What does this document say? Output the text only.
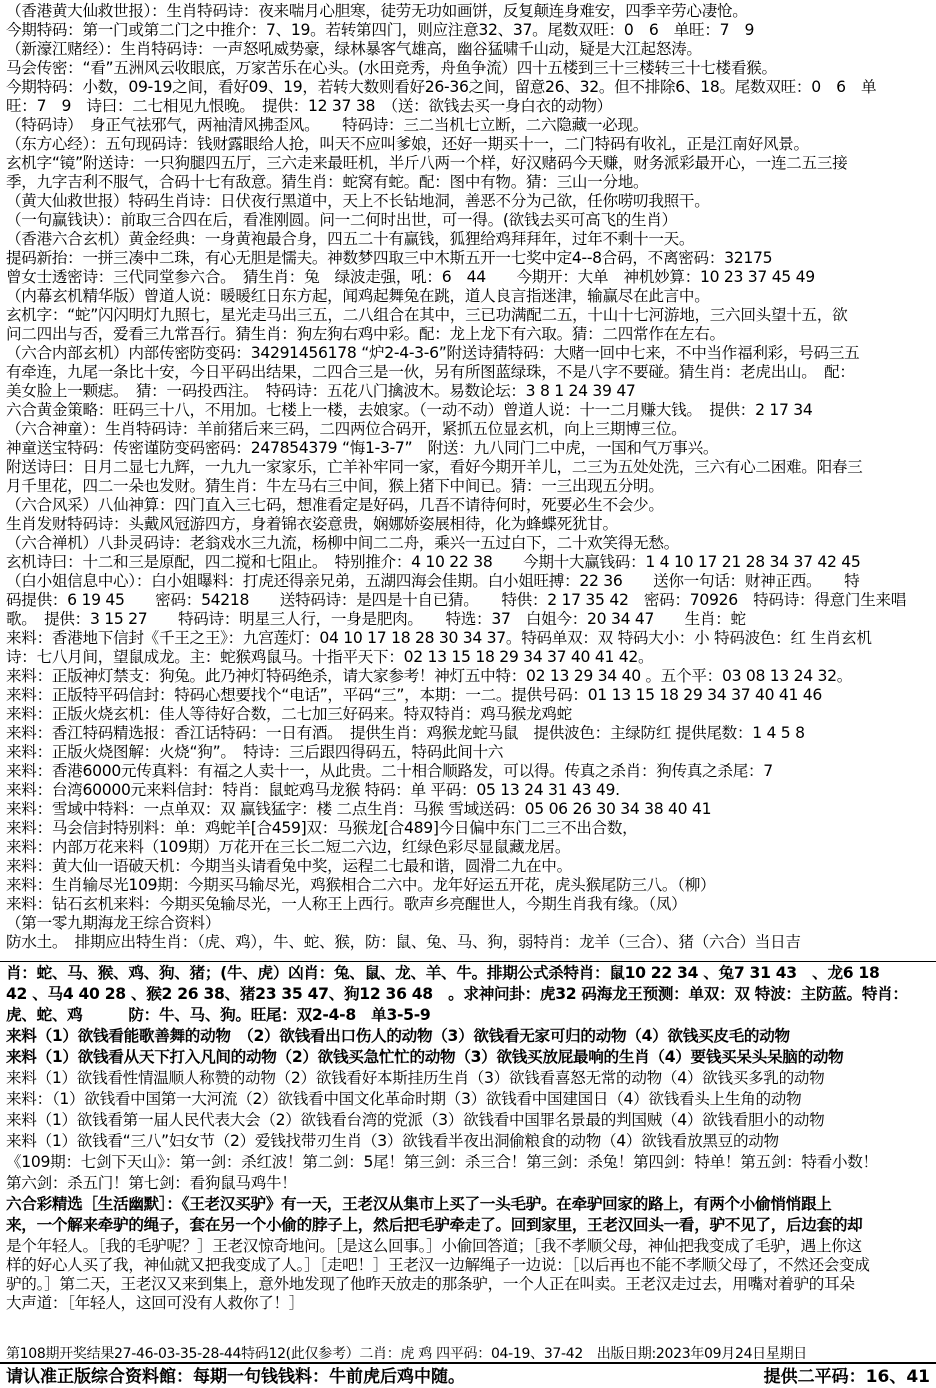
（香港黄大仙救世报）：生肖特码诗：夜来喘月心胆寒，徒劳无功如画饼，反复颠连身难安，四季辛劳心凄怆。
今期特码：第一门或第二门之中推介：7、19。若转第四门，则应注意32、37。尾数双旺：0　6　单旺：7　9
（新濠江赌经）：生肖特码诗：一声怒吼威势豪，绿林暴客气雄高，幽谷猛啸千山动，疑是大江起怒涛。
马会传密：“看”五洲风云收眼底，万家苦乐在心头。(水田竞秀，舟鱼争流）四十五楼到三十三楼转三十七楼看猴。
今期特码：小数，09-19之间，看好09、19，若转大数则看好26-36之间，留意26、32。但不排除6、18。尾数双旺：0　6　单
旺：7　9　诗曰：二七相见九恨晚。　提供：12 37 38　（送：欲钱去买一身白衣的动物）
（特码诗）　身正气祛邪气，两袖清风拂歪风。　　特码诗：三二当机七立断，二六隐藏一必现。
（东方心经）：五句现码诗：钱财露眼给人抢，叫天不应叫爹娘，还好一期买十一，二门特码有收礼，正是江南好风景。
玄机字“镜”附送诗：一只狗腿四五厅，三六走来最旺机，半斤八两一个样，好汉赌码今天赚，财务派彩最开心，一连二五三接
季，九字吉利不服气，合码十七有敌意。猜生肖：蛇窝有蛇。配：图中有物。猜：三山一分地。
（黄大仙救世报）特码生肖诗：日伏夜行黑道中，天上不长钻地洞，善恶不分为己欲，任你唠叨我照干。
（一句赢钱诀）：前取三合四在后，看准刚圆。问一二何时出世，可一得。(欲钱去买可高飞的生肖）
（香港六合玄机）黄金经典：一身黄袍最合身，四五二十有赢钱，狐狸给鸡拜拜年，过年不剩十一天。
提码新抬：一拼三凑中二珠，有心无胆是懦夫。神数梦四取三中木斯五开一七奖中定4--8合码，不离密码：32175
曾女士透密诗：三代同堂参六合。　猜生肖：兔　绿波走强，吼：6　44　　今期开：大单　神机妙算：10 23 37 45 49
（内幕玄机精华版）曾道人说：暖暖红日东方起，闻鸡起舞兔在跳，道人良言指迷津，输赢尽在此言中。
玄机字：“蛇”闪闪明灯九照七，星光走马出三五，二八组合在其中，三已功满配二五，十山十七河游地，三六回头望十五，欲
问二四出与否，爱看三九常吾行。猜生肖：狗左狗右鸡中彩。配：龙上龙下有六取。猜：二四常作在左右。
（六合内部玄机）内部传密防变码：34291456178 “炉2-4-3-6”附送诗猜特码：大赌一回中七来，不中当作福利彩，号码三五
有牵连，九尾一条比十安，今日平码出结果，二四合三是一伙，另有所图蓝绿珠，不是八字不要碰。猜生肖：老虎出山。　配：
美女脸上一颗痣。　猜：一码投西注。　特码诗：五花八门擒波木。易数论坛：3 8 1 24 39 47
六合黄金策略：旺码三十八，不用加。七楼上一楼，去娘家。（一动不动）曾道人说：十一二月赚大钱。　提供：2 17 34
（六合神童）：生肖特码诗：羊前猪后来三码，二四两位合码开，紧抓五位显玄机，向上三期博三位。
神童送宝特码：传密谨防变码密码：247854379 “悔1-3-7”　附送：九八同门二中虎，一国和气万事兴。
附送诗曰：日月二显七九辉，一九九一家家乐，亡羊补牢同一家，看好今期开羊儿，二三为五处处洗，三六有心二困难。阳春三
月千里花，四二一朵也发财。猜生肖：牛左马右三中间，猴上猪下中间已。猜：一三出现五分明。
（六合风采）八仙神算：四门直入三七码，想准看定是好码，几吾不请待何时，死要必生不会少。
生肖发财特码诗：头戴风冠游四方，身着锦衣姿意贵，娴娜娇姿展相待，化为蜂蝶死犹甘。
（六合禅机）八卦灵码诗：老翁戏水三九流，杨柳中间二二舟，乘兴一五过白下，二十欢笑得无愁。
玄机诗曰：十二和三是原配，四二搅和七阻止。　特别推介：4 10 22 38　　今期十大赢钱码：1 4 10 17 21 28 34 37 42 45
（白小姐信息中心）：白小姐曝料：打虎还得亲兄弟，五湖四海会佳期。白小姐旺搏：22 36　　送你一句话：财神正西。　　特
码提供：6 19 45　　密码：54218　　送特码诗：是四是十自已猜。　　特供：2 17 35 42　密码：70926　特码诗：得意门生来唱
歌。　提供：3 15 27　　特码诗：明星三人行，一身是肥肉。　　特选：37　白姐今：20 34 47　　生肖：蛇
来料：香港地下信封《千王之王》：九宫莲灯：04 10 17 18 28 30 34 37。特码单双：双 特码大小：小 特码波色：红 生肖玄机
诗：七八月间，望鼠成龙。主：蛇猴鸡鼠马。十指平天下：02 13 15 18 29 34 37 40 41 42。
来料：正版神灯禁支：狗兔。此乃神灯特码绝杀，请大家参考！神灯五中特：02 13 29 34 40 。五个平：03 08 13 24 32。
来料：正版特平码信封：特码心想要找个“电话”，平码“三”，本期：一二。提供号码：01 13 15 18 29 34 37 40 41 46
来料：正版火烧玄机：佳人等待好合数，二七加三好码来。特双特肖：鸡马猴龙鸡蛇
来料：香江特码精选报：香江话特码：一日有酒。　提供生肖：鸡猴龙蛇马鼠　提供波色：主绿防红 提供尾数：1 4 5 8
来料：正版火烧图解：火烧“狗”。　特诗：三后跟四得码五，特码此间十六
来料：香港6000元传真料：有福之人卖十一，从此贵。二十相合顺路发，可以得。传真之杀肖：狗传真之杀尾：7
来料：台湾60000元来料信封：特肖：鼠蛇鸡马龙猴 特码：单 平码：05 13 24 31 43 49.
来料：雪域中特料：一点单双：双 赢钱猛字：楼 二点生肖：马猴 雪域送码：05 06 26 30 34 38 40 41
来料：马会信封特别料：单：鸡蛇羊[合459]双：马猴龙[合489]今日偏中东门二三不出合数，
来料：内部万花来料（109期）万花开在三长二短二六边，红绿色彩尽显鼠藏龙居。
来料：黄大仙一语破天机：今期当头请看兔中奖，运程二七最和谐，圆滑二九在中。
来料：生肖输尽光109期：今期买马输尽光，鸡猴相合二六中。龙年好运五开花，虎头猴尾防三八。（柳）
来料：钻石玄机来料：今期买兔输尽光，一人称王上西行。歌声乡亮醒世人，今期生肖我有缘。（凤）
（第一零九期海龙王综合资料）
防水土。　排期应出特生肖：（虎、鸡），牛、蛇、猴，防：鼠、兔、马、狗，弱特肖：龙羊（三合）、猪（六合）当日吉
肖：蛇、马、猴、鸡、狗、猪；(牛、虎）凶肖：兔、鼠、龙、羊、牛。排期公式杀特肖：鼠10 22 34 、兔7 31 43　、龙6 18
42 、马4 40 28 、猴2 26 38、猪23 35 47、狗12 36 48　。求神问卦：虎32 码海龙王预测：单双：双 特波：主防蓝。特肖：
虎、蛇、鸡　　　防：牛、马、狗。旺尾：双2-4-8　单3-5-9
来料（1）欲钱看能歌善舞的动物　（2）欲钱看出口伤人的动物（3）欲钱看无家可归的动物（4）欲钱买皮毛的动物
来料（1）欲钱看从天下打入凡间的动物（2）欲钱买急忙忙的动物（3）欲钱买放屁最响的生肖（4）要钱买呆头呆脑的动物
来料（1）欲钱看性情温顺人称赞的动物（2）欲钱看好本斯挂历生肖（3）欲钱看喜怒无常的动物（4）欲钱买多乳的动物
来料：（1）欲钱看中国第一大河流（2）欲钱看中国文化革命时期（3）欲钱看中国建国日（4）欲钱看头上生角的动物
来料（1）欲钱看第一届人民代表大会（2）欲钱看台湾的党派（3）欲钱看中国罪名景最的判国贼（4）欲钱看胆小的动物
来料（1）欲钱看“三八”妇女节（2）爱钱找带刃生肖（3）欲钱看半夜出洞偷粮食的动物（4）欲钱看放黑豆的动物
《109期：七剑下天山》：第一剑：杀红波！第二剑：5尾！第三剑：杀三合！第三剑：杀兔！第四剑：特单！第五剑：特看小数！
第六剑：杀五门！第七剑：看狗鼠马鸡牛！
六合彩精选［生活幽默］：《王老汉买驴》有一天，王老汉从集市上买了一头毛驴。在牵驴回家的路上，有两个小偷悄悄跟上
来，一个解来牵驴的绳子，套在另一个小偷的脖子上，然后把毛驴牵走了。回到家里，王老汉回头一看，驴不见了，后边套的却
是个年轻人。［我的毛驴呢？］王老汉惊奇地问。［是这么回事。］小偷回答道；［我不孝顺父母，神仙把我变成了毛驴，遇上你这
样的好心人买了我，神仙就又把我变成了人。］［走吧！］王老汉一边解绳子一边说：［以后再也不能不孝顺父母了，不然还会变成
驴的。］第二天，王老汉又来到集上，意外地发现了他昨天放走的那条驴，一个人正在叫卖。王老汉走过去，用嘴对着驴的耳朵
大声道：［年轻人，这回可没有人救你了！］
第108期开奖结果27-46-03-35-28-44特码12(此仅参考）二肖：虎 鸡 四平码：04-19、37-42　出版日期:2023年09月24日星期日
请认准正版综合资料館：每期一句钱钱料：牛前虎后鸡中随。	提供二平码：16、41
